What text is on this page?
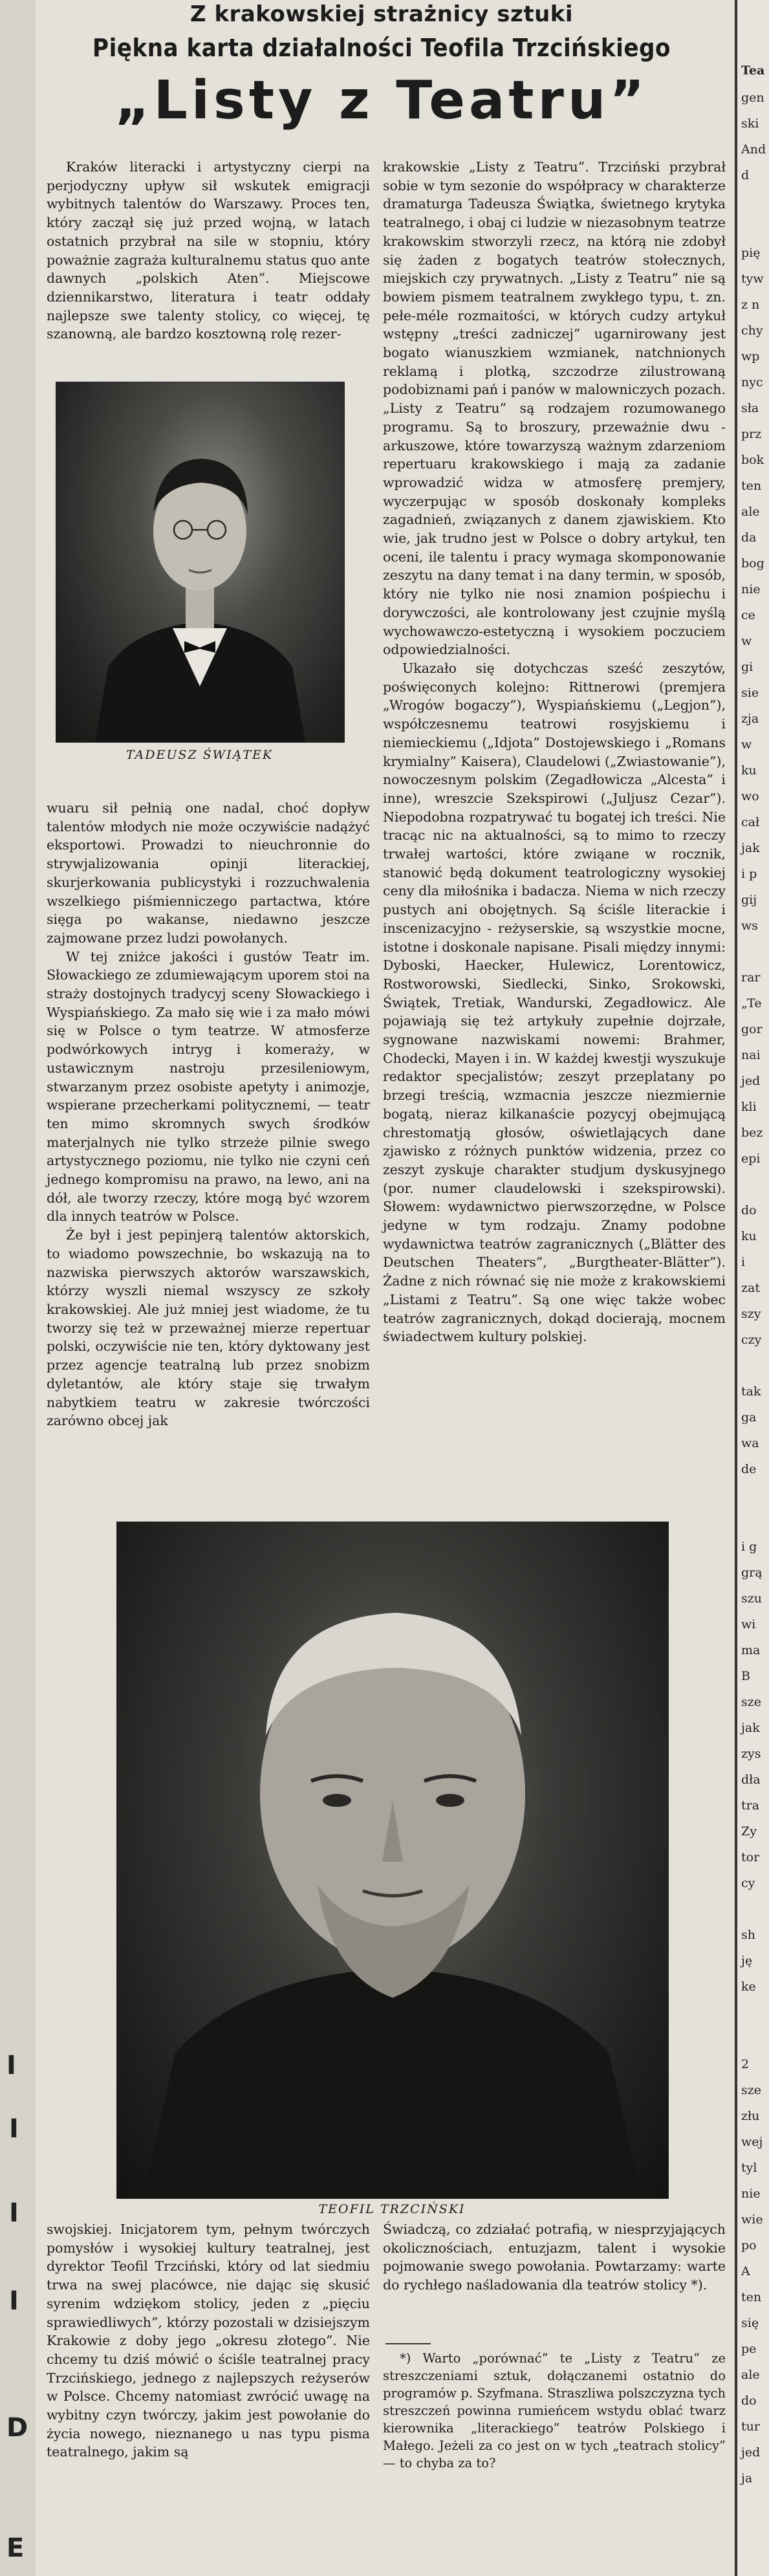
I
I
I
I
D
E
Z krakowskiej strażnicy sztuki
Piękna karta działalności Teofila Trzcińskiego
„Listy z Teatru”

Kraków literacki i artystyczny cierpi na perjodyczny upływ sił wskutek emigracji wybitnych talentów do Warszawy. Proces ten, który zaczął się już przed wojną, w latach ostatnich przybrał na sile w stopniu, który poważnie zagraża kulturalnemu status quo ante dawnych „polskich Aten”. Miejscowe dziennikarstwo, literatura i teatr oddały najlepsze swe talenty stolicy, co więcej, tę szanowną, ale bardzo kosztowną rolę rezer-

TADEUSZ ŚWIĄTEK

wuaru sił pełnią one nadal, choć dopływ talentów młodych nie może oczywiście nadążyć eksportowi. Prowadzi to nieuchronnie do strywjalizowania opinji literackiej, skurjerkowania publicystyki i rozzuchwalenia wszelkiego piśmienniczego partactwa, które sięga po wakanse, niedawno jeszcze zajmowane przez ludzi powołanych.

W tej zniżce jakości i gustów Teatr im. Słowackiego ze zdumiewającym uporem stoi na straży dostojnych tradycyj sceny Słowackiego i Wyspiańskiego. Za mało się wie i za mało mówi się w Polsce o tym teatrze. W atmosferze podwórkowych intryg i komerażу, w ustawicznym nastroju przesileniowym, stwarzanym przez osobiste apetyty i animozje, wspierane przecherkami politycznemi, — teatr ten mimo skromnych swych środków materjalnych nie tylko strzeże pilnie swego artystycznego poziomu, nie tylko nie czyni ceń jednego kompromisu na prawo, na lewo, ani na dół, ale tworzy rzeczy, które mogą być wzorem dla innych teatrów w Polsce.

Że był i jest pepinjerą talentów aktorskich, to wiadomo powszechnie, bo wskazują na to nazwiska pierwszych aktorów warszawskich, którzy wyszli niemal wszyscy ze szkoły krakowskiej. Ale już mniej jest wiadome, że tu tworzy się też w przeważnej mierze repertuar polski, oczywiście nie ten, który dyktowany jest przez agencje teatralną lub przez snobizm dyletantów, ale który staje się trwałym nabytkiem teatru w zakresie twórczości zarówno obcej jak

krakowskie „Listy z Teatru”. Trzciński przybrał sobie w tym sezonie do współpracy w charakterze dramaturga Tadeusza Świątka, świetnego krytyka teatralnego, i obaj ci ludzie w niezasobnym teatrze krakowskim stworzyli rzecz, na którą nie zdobył się żaden z bogatych teatrów stołecznych, miejskich czy prywatnych. „Listy z Teatru” nie są bowiem pismem teatralnem zwykłego typu, t. zn. pełe-méle rozmaitości, w których cudzy artykuł wstępny „treści zadniczej” ugarnirowany jest bogato wianuszkiem wzmianek, natchnionych reklamą i plotką, szczodrze zilustrowaną podobiznami pań i panów w malowniczych pozach. „Listy z Teatru” są rodzajem rozumowanego programu. Są to broszury, przeważnie dwu - arkuszowe, które towarzyszą ważnym zdarzeniom repertuaru krakowskiego i mają za zadanie wprowadzić widza w atmosferę premjery, wyczerpując w sposób doskonały kompleks zagadnień, związanych z danem zjawiskiem. Kto wie, jak trudno jest w Polsce o dobry artykuł, ten oceni, ile talentu i pracy wymaga skomponowanie zeszytu na dany temat i na dany termin, w sposób, który nie tylko nie nosi znamion pośpiechu i dorywczości, ale kontrolowany jest czujnie myślą wychowawczo-estetyczną i wysokiem poczuciem odpowiedzialności.

Ukazało się dotychczas sześć zeszytów, poświęconych kolejno: Rittnerowi (premjera „Wrogów bogaczy”), Wyspiańskiemu („Legjon”), współczesnemu teatrowi rosyjskiemu i niemieckiemu („Idjota” Dostojewskiego i „Romans krymialny” Kaisera), Claudelowi („Zwiastowanie”), nowoczesnym polskim (Zegadłowicza „Alcesta” i inne), wreszcie Szekspirowi („Juljusz Cezar”). Niepodobna rozpatrywać tu bogatej ich treści. Nie tracąc nic na aktualności, są to mimo to rzeczy trwałej wartości, które zwiąane w rocznik, stanowić będą dokument teatrologiczny wysokiej ceny dla miłośnika i badacza. Niema w nich rzeczy pustych ani obojętnych. Są ściśle literackie i inscenizacyjno - reżyserskie, są wszystkie mocne, istotne i doskonale napisane. Pisali między innymi: Dyboski, Haecker, Hulewicz, Lorentowicz, Rostworowski, Siedlecki, Sinko, Srokowski, Świątek, Tretiak, Wandurski, Zegadłowicz. Ale pojawiają się też artykuły zupełnie dojrzałe, sygnowane nazwiskami nowemi: Brahmer, Chodecki, Mayen i in. W każdej kwestji wyszukuje redaktor specjalistów; zeszyt przeplatany po brzegi treścią, wzmacnia jeszcze niezmiernie bogatą, nieraz kilkanaście pozycyj obejmującą chrestomatją głosów, oświetlających dane zjawisko z różnych punktów widzenia, przez co zeszyt zyskuje charakter studjum dyskusyjnego (por. numer claudelowski i szekspirowski). Słowem: wydawnictwo pierwszorzędne, w Polsce jedyne w tym rodzaju. Znamy podobne wydawnictwa teatrów zagranicznych („Blätter des Deutschen Theaters”, „Burgtheater-Blätter”). Żadne z nich równać się nie może z krakowskiemi „Listami z Teatru”. Są one więc także wobec teatrów zagranicznych, dokąd docierają, mocnem świadectwem kultury polskiej.

TEOFIL TRZCIŃSKI

swojskiej. Inicjatorem tym, pełnym twórczych pomysłów i wysokiej kultury teatralnej, jest dyrektor Teofil Trzciński, który od lat siedmiu trwa na swej placówce, nie dając się skusić syrenim wdziękom stolicy, jeden z „pięciu sprawiedliwych”, którzy pozostali w dzisiejszym Krakowie z doby jego „okresu złotego”. Nie chcemy tu dziś mówić o ściśle teatralnej pracy Trzcińskiego, jednego z najlepszych reżyserów w Polsce. Chcemy natomiast zwrócić uwagę na wybitny czyn twórczy, jakim jest powołanie do życia nowego, nieznanego u nas typu pisma teatralnego, jakim są

Świadczą, co zdziałać potrafią, w niesprzyjających okolicznościach, entuzjazm, talent i wysokie pojmowanie swego powołania. Powtarzamy: warte do rychłego naśladowania dla teatrów stolicy *).

*) Warto „porównać” te „Listy z Teatru” ze streszczeniami sztuk, dołączanemi ostatnio do programów p. Szyfmana. Straszliwa polszczyzna tych streszczeń powinna rumieńcem wstydu oblać twarz kierownika „literackiego” teatrów Polskiego i Małego. Jeżeli za co jest on w tych „teatrach stolicy” — to chyba za to?

Tea
gen
ski
And
d
pię
tyw
z n
chy
wp
nyc
sła
prz
bok
ten
ale
da
bog
nie
ce
w
gi
sie
zja
w
ku
wo
cał
jak
i p
gij
ws
rar
„Te
gor
nai
jed
kli
bez
epi
do
ku
i
zat
szy
czy
tak
ga
wa
de
i g
grą
szu
wi
ma
B
sze
jak
zys
dła
tra
Zy
tor
cy
sh
ję
ke
2
sze
złu
wej
tyl
nie
wie
po
A
ten
się
pe
ale
do
tur
jed
ja
